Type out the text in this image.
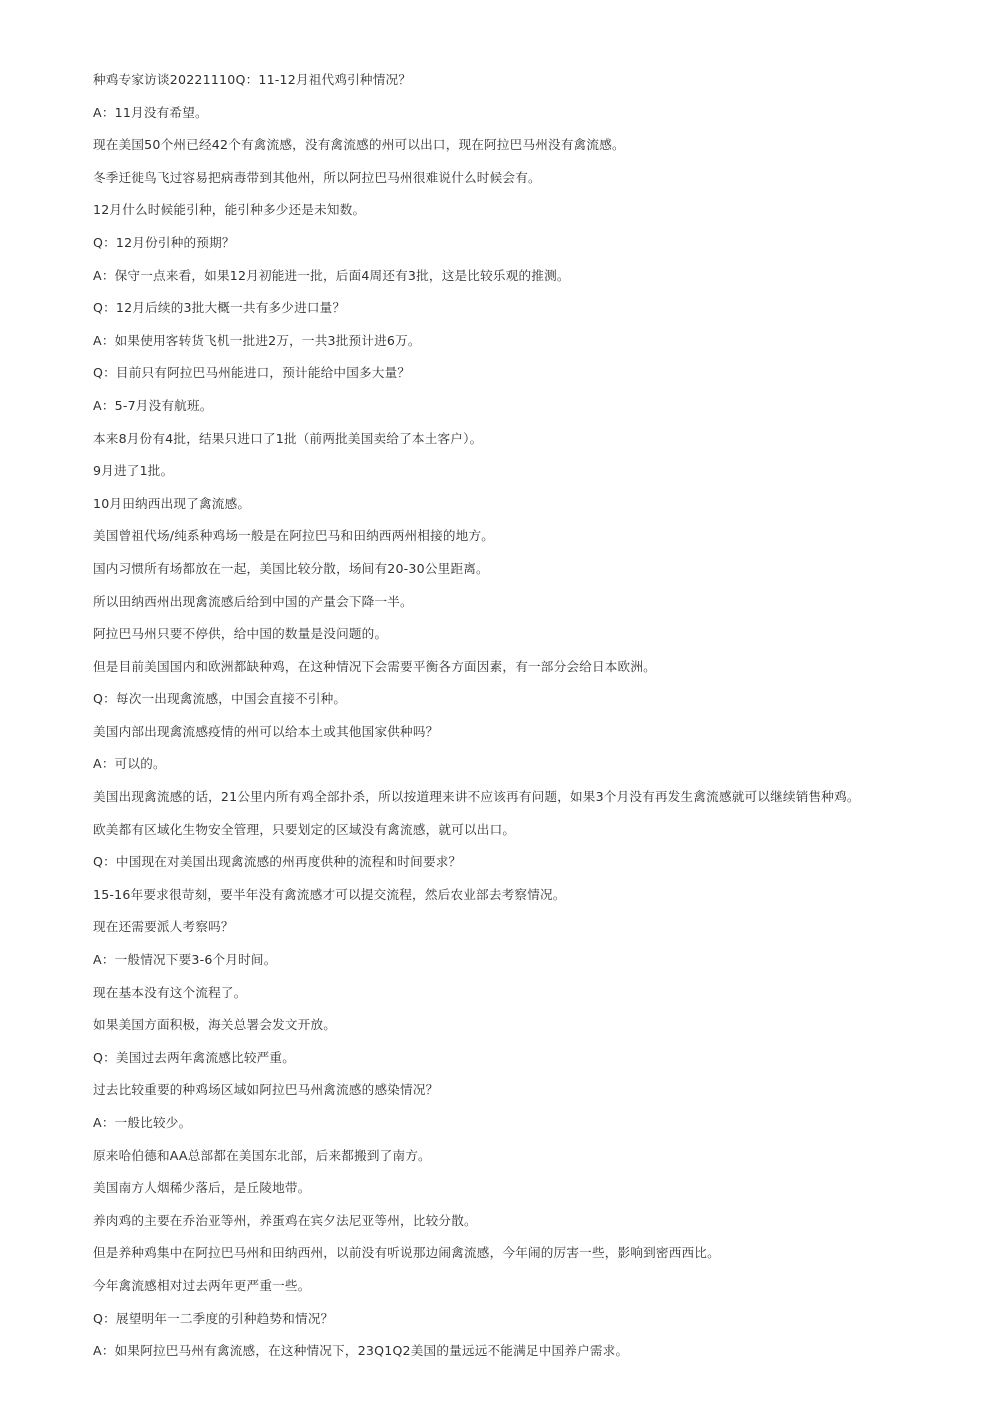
种鸡专家访谈20221110Q：11-12月祖代鸡引种情况？
A：11月没有希望。
现在美国50个州已经42个有禽流感，没有禽流感的州可以出口，现在阿拉巴马州没有禽流感。
冬季迁徙鸟飞过容易把病毒带到其他州，所以阿拉巴马州很难说什么时候会有。
12月什么时候能引种，能引种多少还是未知数。
Q：12月份引种的预期？
A：保守一点来看，如果12月初能进一批，后面4周还有3批，这是比较乐观的推测。
Q：12月后续的3批大概一共有多少进口量？
A：如果使用客转货飞机一批进2万，一共3批预计进6万。
Q：目前只有阿拉巴马州能进口，预计能给中国多大量？
A：5-7月没有航班。
本来8月份有4批，结果只进口了1批（前两批美国卖给了本土客户）。
9月进了1批。
10月田纳西出现了禽流感。
美国曾祖代场/纯系种鸡场一般是在阿拉巴马和田纳西两州相接的地方。
国内习惯所有场都放在一起，美国比较分散，场间有20-30公里距离。
所以田纳西州出现禽流感后给到中国的产量会下降一半。
阿拉巴马州只要不停供，给中国的数量是没问题的。
但是目前美国国内和欧洲都缺种鸡，在这种情况下会需要平衡各方面因素，有一部分会给日本欧洲。
Q：每次一出现禽流感，中国会直接不引种。
美国内部出现禽流感疫情的州可以给本土或其他国家供种吗？
A：可以的。
美国出现禽流感的话，21公里内所有鸡全部扑杀，所以按道理来讲不应该再有问题，如果3个月没有再发生禽流感就可以继续销售种鸡。
欧美都有区域化生物安全管理，只要划定的区域没有禽流感，就可以出口。
Q：中国现在对美国出现禽流感的州再度供种的流程和时间要求？
15-16年要求很苛刻，要半年没有禽流感才可以提交流程，然后农业部去考察情况。
现在还需要派人考察吗？
A：一般情况下要3-6个月时间。
现在基本没有这个流程了。
如果美国方面积极，海关总署会发文开放。
Q：美国过去两年禽流感比较严重。
过去比较重要的种鸡场区域如阿拉巴马州禽流感的感染情况？
A：一般比较少。
原来哈伯德和AA总部都在美国东北部，后来都搬到了南方。
美国南方人烟稀少落后，是丘陵地带。
养肉鸡的主要在乔治亚等州，养蛋鸡在宾夕法尼亚等州，比较分散。
但是养种鸡集中在阿拉巴马州和田纳西州，以前没有听说那边闹禽流感，今年闹的厉害一些，影响到密西西比。
今年禽流感相对过去两年更严重一些。
Q：展望明年一二季度的引种趋势和情况？
A：如果阿拉巴马州有禽流感，在这种情况下，23Q1Q2美国的量远远不能满足中国养户需求。
